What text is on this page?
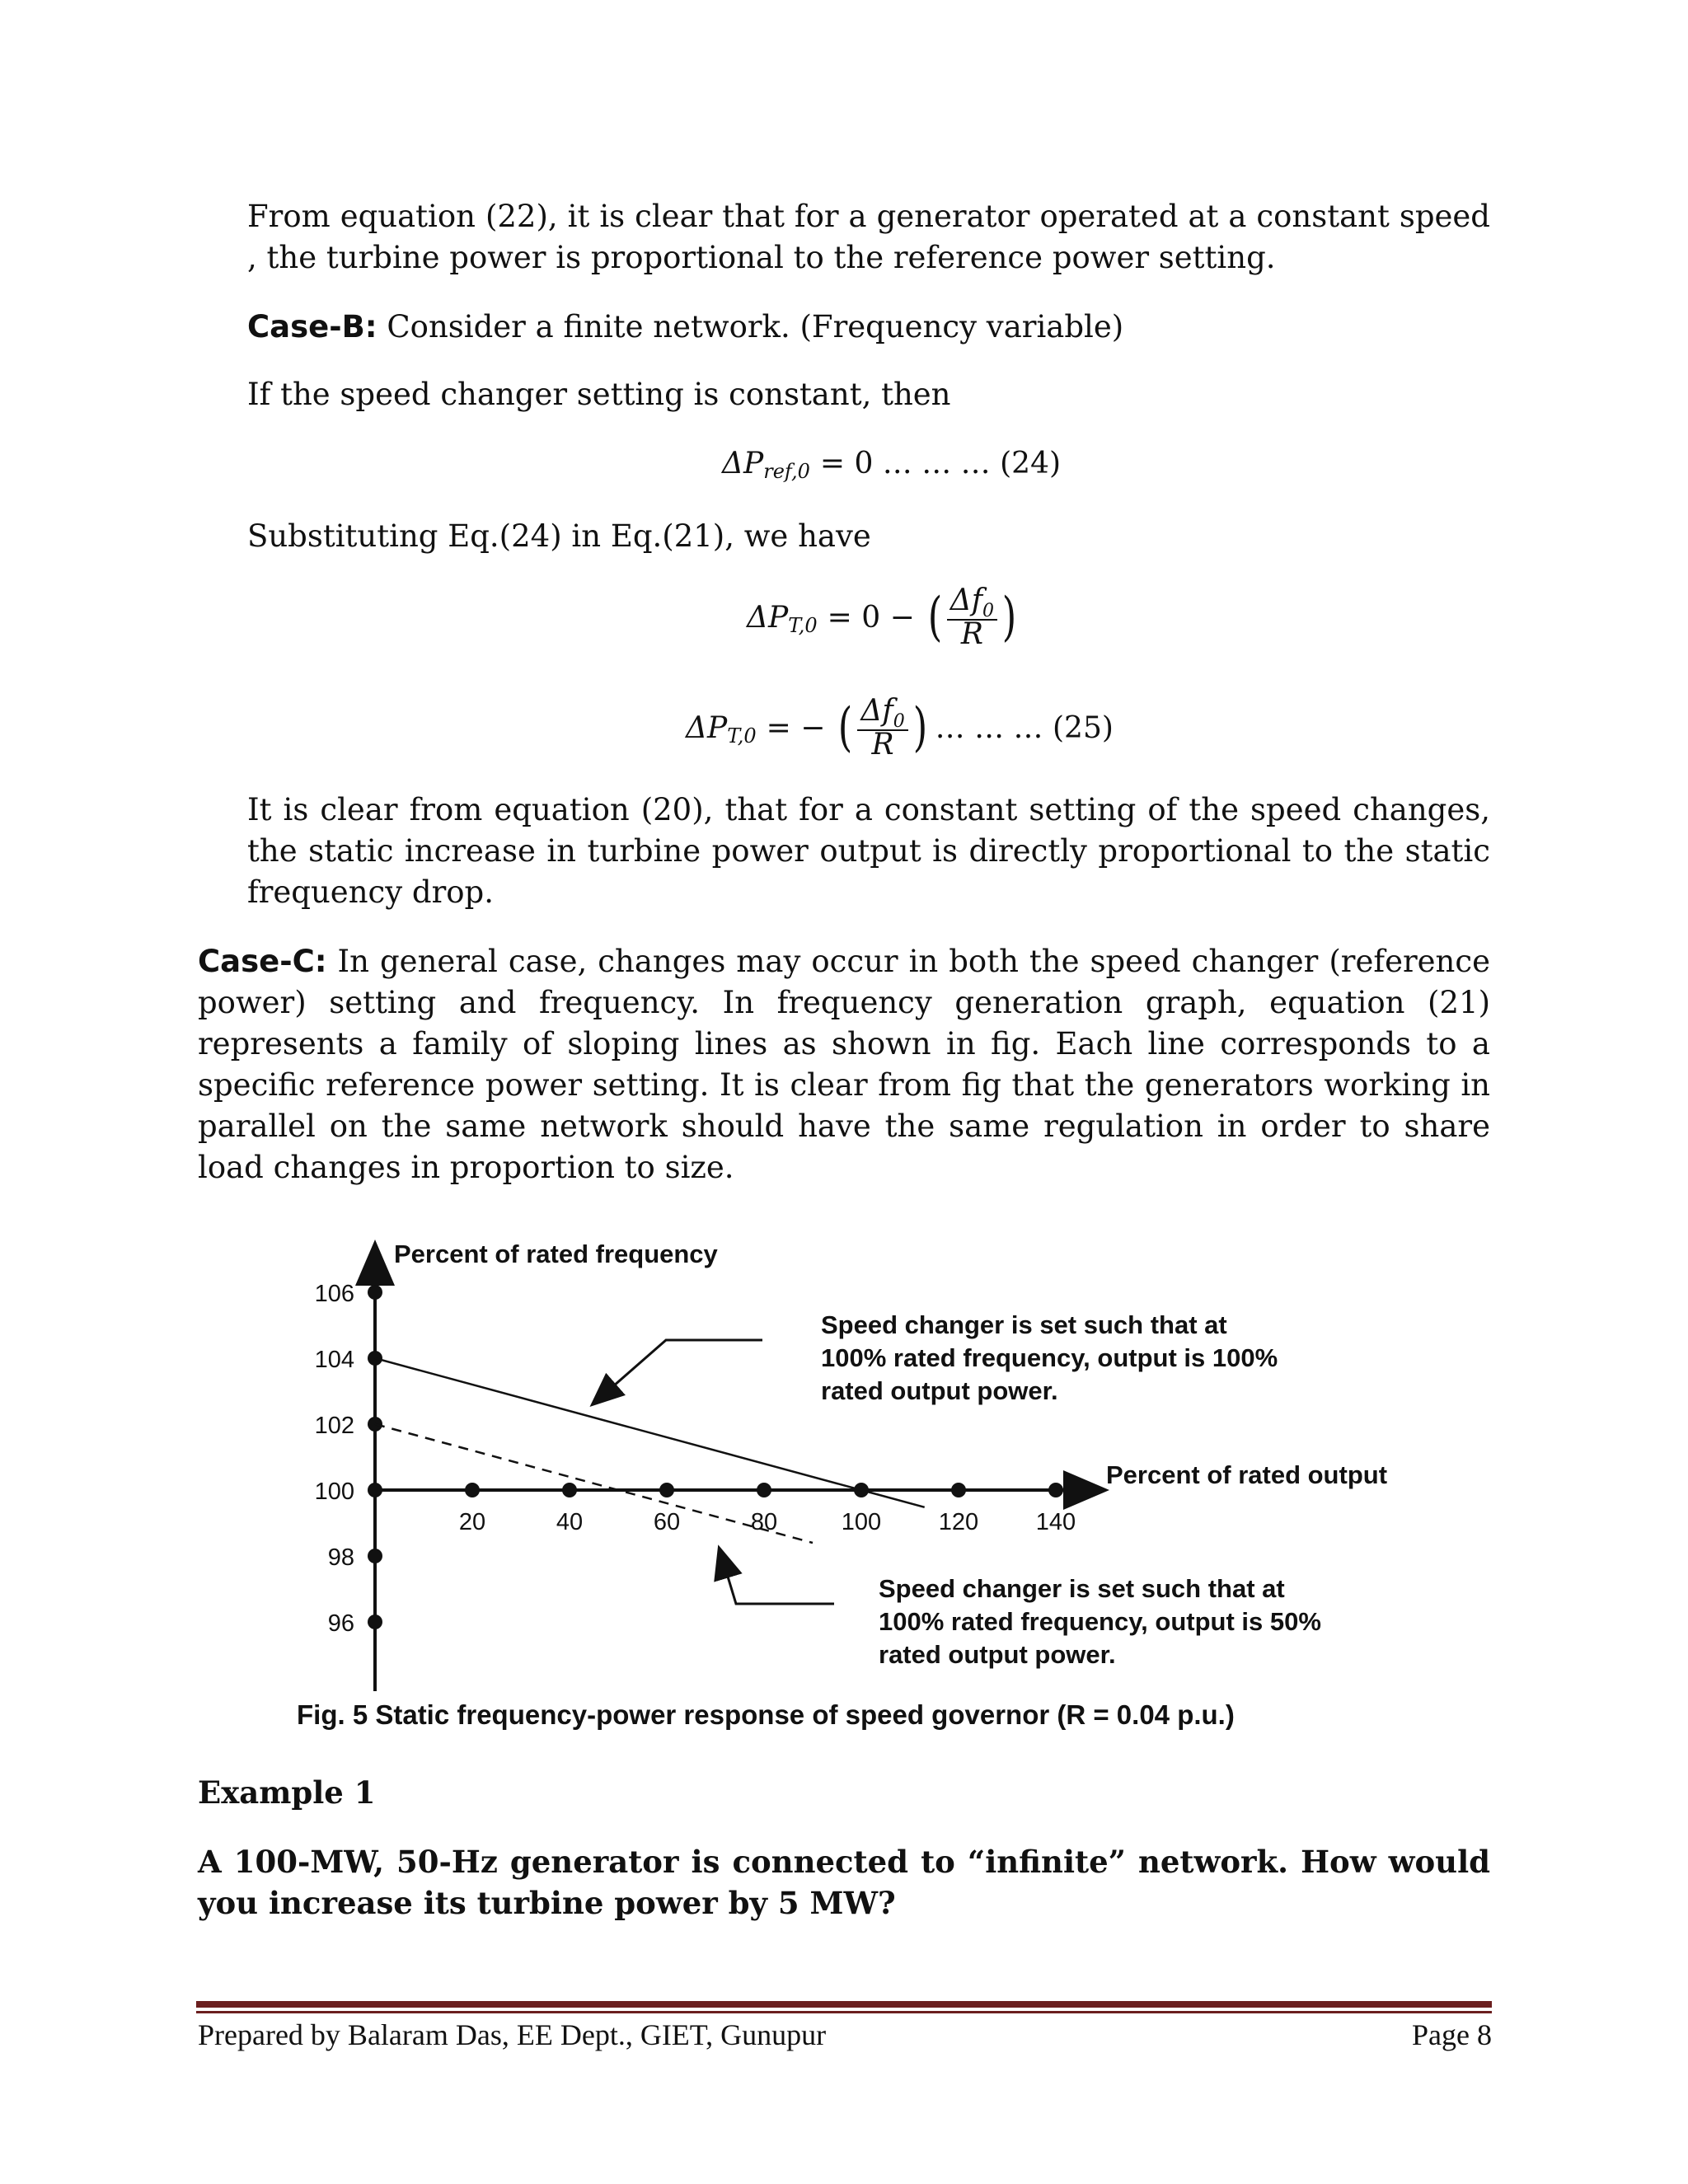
From equation (22), it is clear that for a generator operated at a constant speed , the turbine power is proportional to the reference power setting.

Case-B: Consider a finite network. (Frequency variable)

If the speed changer setting is constant, then

ΔP ref,0 = 0 … … … (24)

Substituting Eq.(24) in Eq.(21), we have

ΔP T,0 = 0 − ( $\frac{\Delta f_0}{R}$ )
ΔP T,0 = − ( $\frac{\Delta f_0}{R}$ ) … … … (25)

It is clear from equation (20), that for a constant setting of the speed changes, the static increase in turbine power output is directly proportional to the static frequency drop.

Case-C: In general case, changes may occur in both the speed changer (reference power) setting and frequency. In frequency generation graph, equation (21) represents a family of sloping lines as shown in fig. Each line corresponds to a specific reference power setting. It is clear from fig that the generators working in parallel on the same network should have the same regulation in order to share load changes in proportion to size.

Percent of rated frequency
Percent of rated output
106
104
102
100
98
96
20	40	60	80	100 120 140
Speed changer is set such that at
100% rated frequency, output is 100%
rated output power.
Speed changer is set such that at
100% rated frequency, output is 50%
rated output power.
Fig. 5 Static frequency-power response of speed governor (R = 0.04 p.u.)

Example 1

A 100-MW, 50-Hz generator is connected to “infinite” network. How would you increase its turbine power by 5 MW?

Prepared by Balaram Das, EE Dept., GIET, Gunupur	Page 8
